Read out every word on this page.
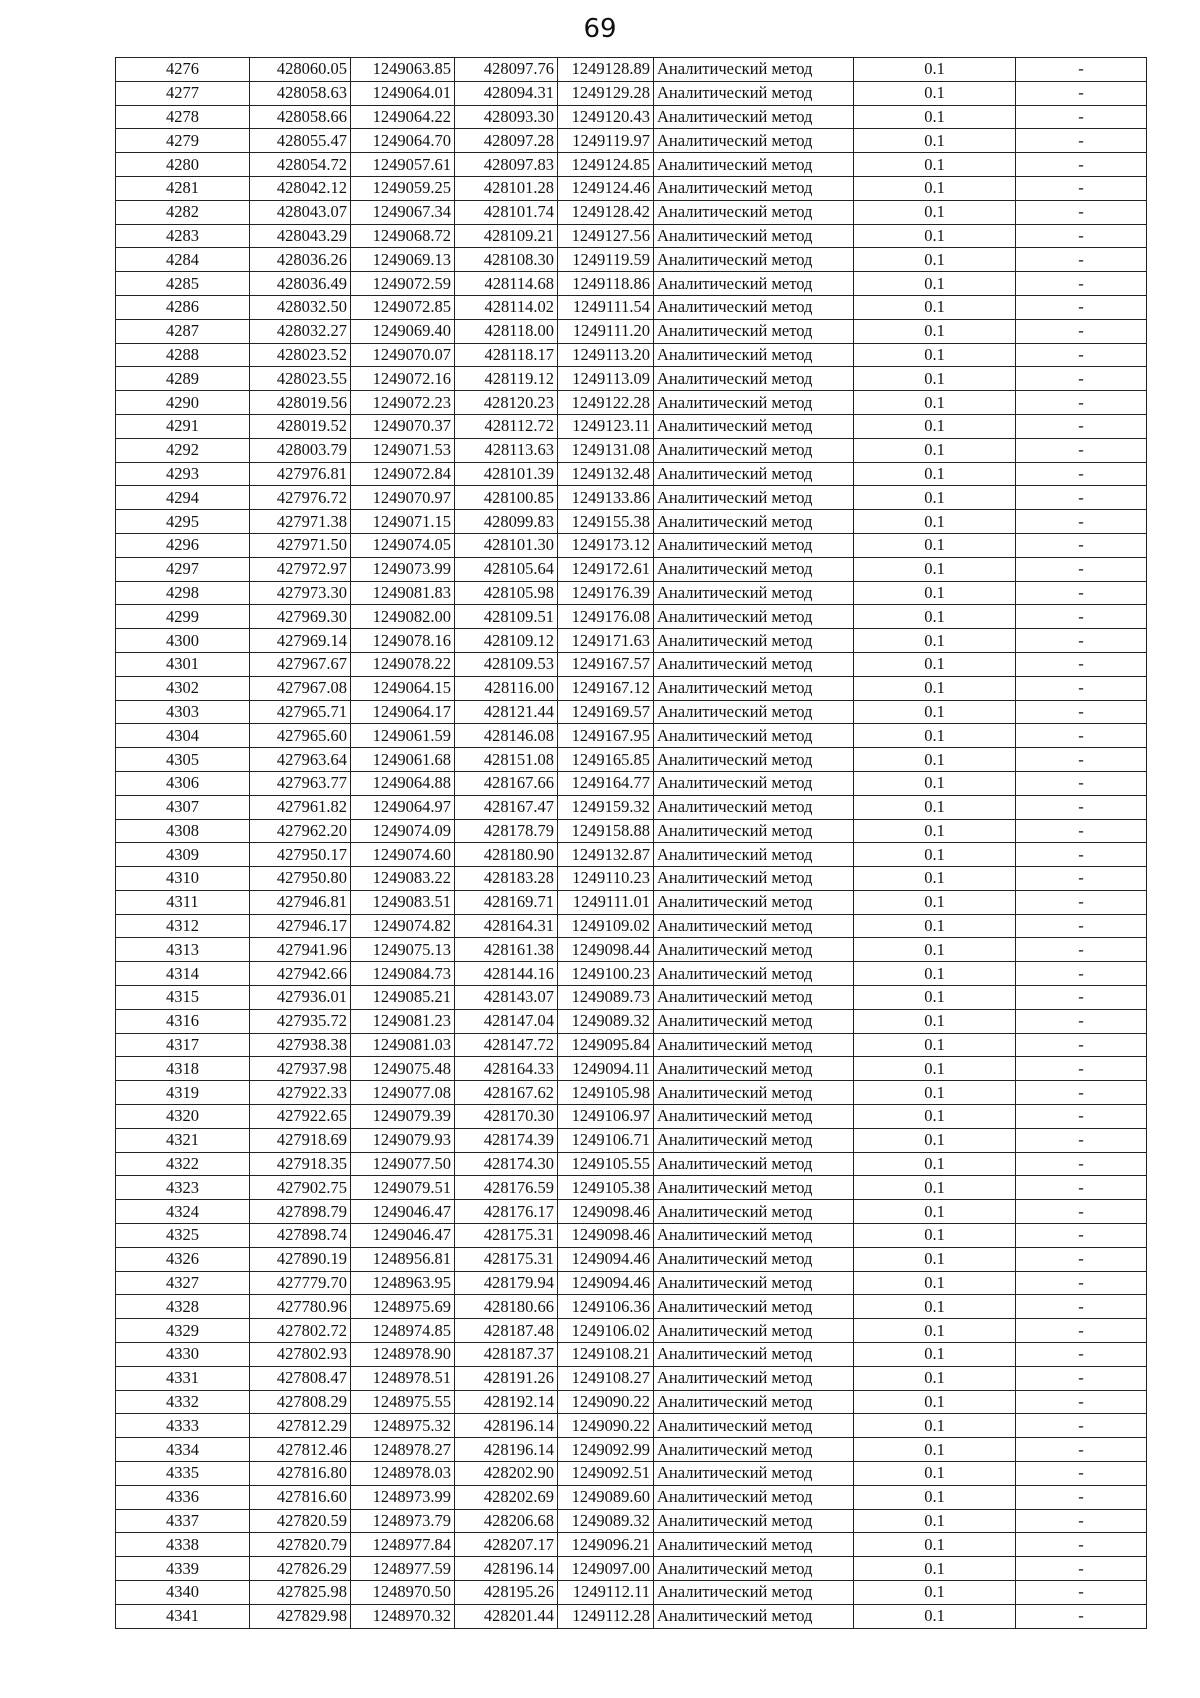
69
4276	428060.05	1249063.85	428097.76	1249128.89	Аналитический метод	0.1	-
4277	428058.63	1249064.01	428094.31	1249129.28	Аналитический метод	0.1	-
4278	428058.66	1249064.22	428093.30	1249120.43	Аналитический метод	0.1	-
4279	428055.47	1249064.70	428097.28	1249119.97	Аналитический метод	0.1	-
4280	428054.72	1249057.61	428097.83	1249124.85	Аналитический метод	0.1	-
4281	428042.12	1249059.25	428101.28	1249124.46	Аналитический метод	0.1	-
4282	428043.07	1249067.34	428101.74	1249128.42	Аналитический метод	0.1	-
4283	428043.29	1249068.72	428109.21	1249127.56	Аналитический метод	0.1	-
4284	428036.26	1249069.13	428108.30	1249119.59	Аналитический метод	0.1	-
4285	428036.49	1249072.59	428114.68	1249118.86	Аналитический метод	0.1	-
4286	428032.50	1249072.85	428114.02	1249111.54	Аналитический метод	0.1	-
4287	428032.27	1249069.40	428118.00	1249111.20	Аналитический метод	0.1	-
4288	428023.52	1249070.07	428118.17	1249113.20	Аналитический метод	0.1	-
4289	428023.55	1249072.16	428119.12	1249113.09	Аналитический метод	0.1	-
4290	428019.56	1249072.23	428120.23	1249122.28	Аналитический метод	0.1	-
4291	428019.52	1249070.37	428112.72	1249123.11	Аналитический метод	0.1	-
4292	428003.79	1249071.53	428113.63	1249131.08	Аналитический метод	0.1	-
4293	427976.81	1249072.84	428101.39	1249132.48	Аналитический метод	0.1	-
4294	427976.72	1249070.97	428100.85	1249133.86	Аналитический метод	0.1	-
4295	427971.38	1249071.15	428099.83	1249155.38	Аналитический метод	0.1	-
4296	427971.50	1249074.05	428101.30	1249173.12	Аналитический метод	0.1	-
4297	427972.97	1249073.99	428105.64	1249172.61	Аналитический метод	0.1	-
4298	427973.30	1249081.83	428105.98	1249176.39	Аналитический метод	0.1	-
4299	427969.30	1249082.00	428109.51	1249176.08	Аналитический метод	0.1	-
4300	427969.14	1249078.16	428109.12	1249171.63	Аналитический метод	0.1	-
4301	427967.67	1249078.22	428109.53	1249167.57	Аналитический метод	0.1	-
4302	427967.08	1249064.15	428116.00	1249167.12	Аналитический метод	0.1	-
4303	427965.71	1249064.17	428121.44	1249169.57	Аналитический метод	0.1	-
4304	427965.60	1249061.59	428146.08	1249167.95	Аналитический метод	0.1	-
4305	427963.64	1249061.68	428151.08	1249165.85	Аналитический метод	0.1	-
4306	427963.77	1249064.88	428167.66	1249164.77	Аналитический метод	0.1	-
4307	427961.82	1249064.97	428167.47	1249159.32	Аналитический метод	0.1	-
4308	427962.20	1249074.09	428178.79	1249158.88	Аналитический метод	0.1	-
4309	427950.17	1249074.60	428180.90	1249132.87	Аналитический метод	0.1	-
4310	427950.80	1249083.22	428183.28	1249110.23	Аналитический метод	0.1	-
4311	427946.81	1249083.51	428169.71	1249111.01	Аналитический метод	0.1	-
4312	427946.17	1249074.82	428164.31	1249109.02	Аналитический метод	0.1	-
4313	427941.96	1249075.13	428161.38	1249098.44	Аналитический метод	0.1	-
4314	427942.66	1249084.73	428144.16	1249100.23	Аналитический метод	0.1	-
4315	427936.01	1249085.21	428143.07	1249089.73	Аналитический метод	0.1	-
4316	427935.72	1249081.23	428147.04	1249089.32	Аналитический метод	0.1	-
4317	427938.38	1249081.03	428147.72	1249095.84	Аналитический метод	0.1	-
4318	427937.98	1249075.48	428164.33	1249094.11	Аналитический метод	0.1	-
4319	427922.33	1249077.08	428167.62	1249105.98	Аналитический метод	0.1	-
4320	427922.65	1249079.39	428170.30	1249106.97	Аналитический метод	0.1	-
4321	427918.69	1249079.93	428174.39	1249106.71	Аналитический метод	0.1	-
4322	427918.35	1249077.50	428174.30	1249105.55	Аналитический метод	0.1	-
4323	427902.75	1249079.51	428176.59	1249105.38	Аналитический метод	0.1	-
4324	427898.79	1249046.47	428176.17	1249098.46	Аналитический метод	0.1	-
4325	427898.74	1249046.47	428175.31	1249098.46	Аналитический метод	0.1	-
4326	427890.19	1248956.81	428175.31	1249094.46	Аналитический метод	0.1	-
4327	427779.70	1248963.95	428179.94	1249094.46	Аналитический метод	0.1	-
4328	427780.96	1248975.69	428180.66	1249106.36	Аналитический метод	0.1	-
4329	427802.72	1248974.85	428187.48	1249106.02	Аналитический метод	0.1	-
4330	427802.93	1248978.90	428187.37	1249108.21	Аналитический метод	0.1	-
4331	427808.47	1248978.51	428191.26	1249108.27	Аналитический метод	0.1	-
4332	427808.29	1248975.55	428192.14	1249090.22	Аналитический метод	0.1	-
4333	427812.29	1248975.32	428196.14	1249090.22	Аналитический метод	0.1	-
4334	427812.46	1248978.27	428196.14	1249092.99	Аналитический метод	0.1	-
4335	427816.80	1248978.03	428202.90	1249092.51	Аналитический метод	0.1	-
4336	427816.60	1248973.99	428202.69	1249089.60	Аналитический метод	0.1	-
4337	427820.59	1248973.79	428206.68	1249089.32	Аналитический метод	0.1	-
4338	427820.79	1248977.84	428207.17	1249096.21	Аналитический метод	0.1	-
4339	427826.29	1248977.59	428196.14	1249097.00	Аналитический метод	0.1	-
4340	427825.98	1248970.50	428195.26	1249112.11	Аналитический метод	0.1	-
4341	427829.98	1248970.32	428201.44	1249112.28	Аналитический метод	0.1	-
